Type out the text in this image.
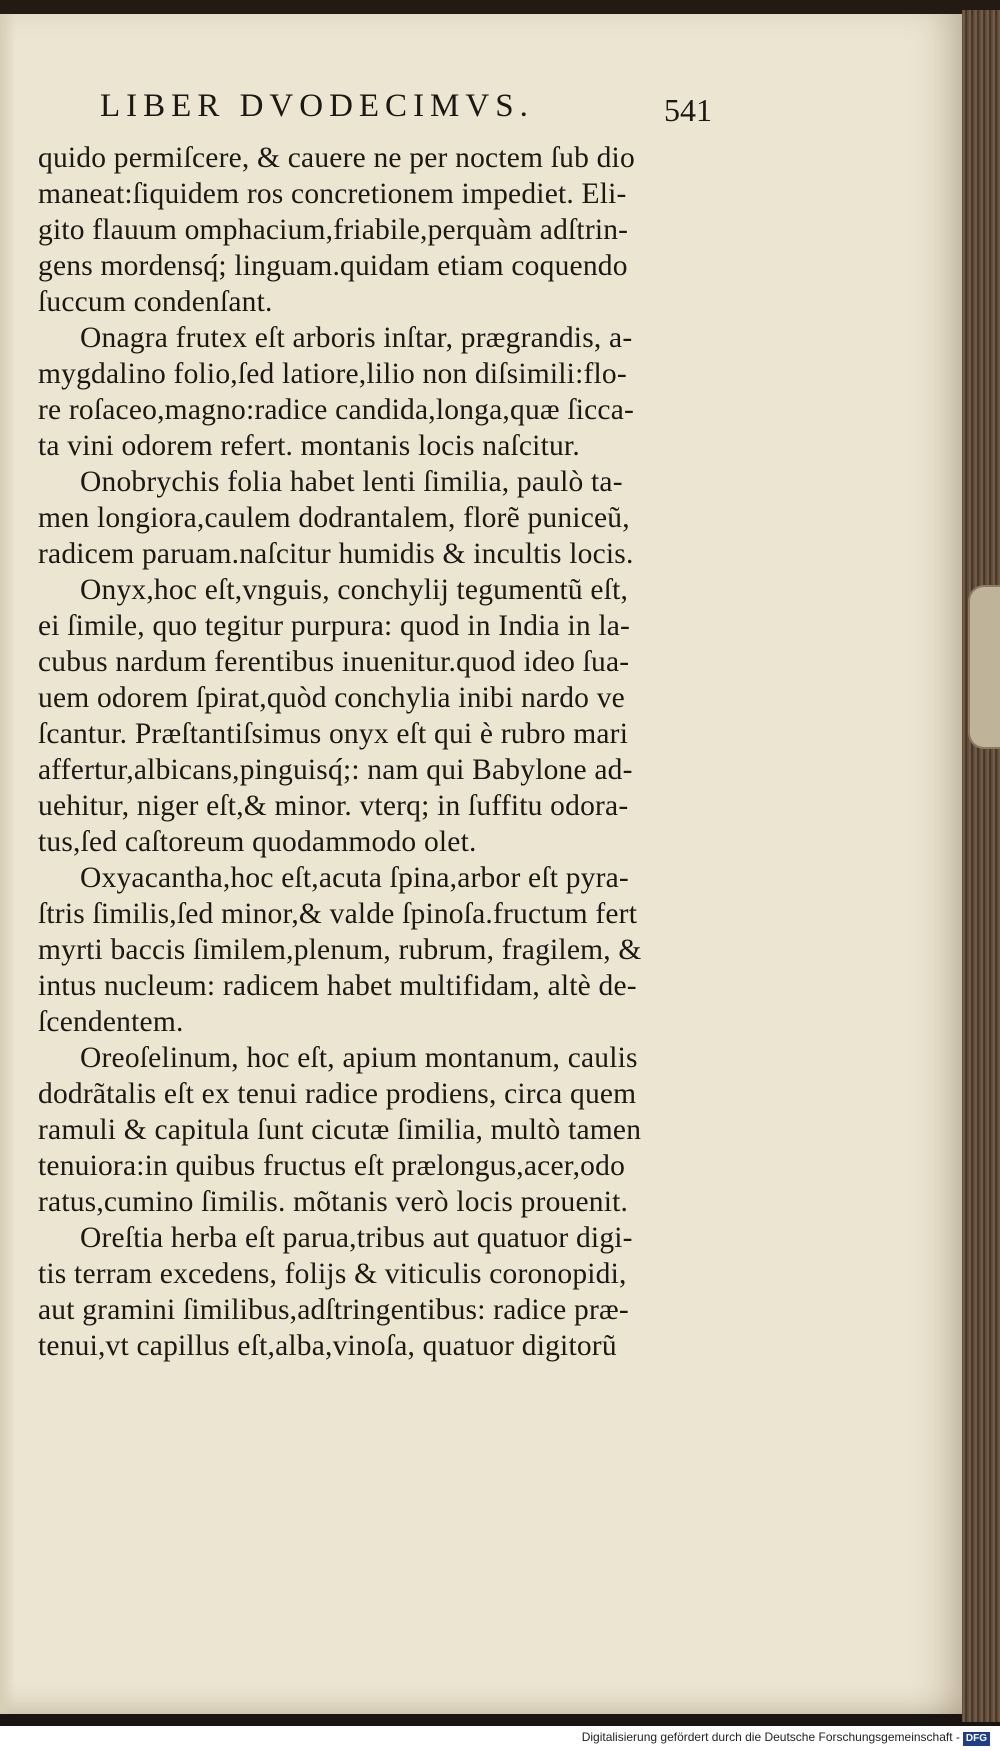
LIBER DVODECIMVS.	541
quido permiſcere, & cauere ne per noctem ſub dio
maneat:ſiquidem ros concretionem impediet. Eli-
gito flauum omphacium,friabile,perquàm adſtrin-
gens mordensq́; linguam.quidam etiam coquendo
ſuccum condenſant.
Onagra frutex eſt arboris inſtar, prægrandis, a-
mygdalino folio,ſed latiore,lilio non diſsimili:flo-
re roſaceo,magno:radice candida,longa,quæ ſicca-
ta vini odorem refert. montanis locis naſcitur.
Onobrychis folia habet lenti ſimilia, paulò ta-
men longiora,caulem dodrantalem, florẽ puniceũ,
radicem paruam.naſcitur humidis & incultis locis.
Onyx,hoc eſt,vnguis, conchylij tegumentũ eſt,
ei ſimile, quo tegitur purpura: quod in India in la-
cubus nardum ferentibus inuenitur.quod ideo ſua-
uem odorem ſpirat,quòd conchylia inibi nardo ve
ſcantur. Præſtantiſsimus onyx eſt qui è rubro mari
affertur,albicans,pinguisq́;: nam qui Babylone ad-
uehitur, niger eſt,& minor. vterq; in ſuffitu odora-
tus,ſed caſtoreum quodammodo olet.
Oxyacantha,hoc eſt,acuta ſpina,arbor eſt pyra-
ſtris ſimilis,ſed minor,& valde ſpinoſa.fructum fert
myrti baccis ſimilem,plenum, rubrum, fragilem, &
intus nucleum: radicem habet multifidam, altè de-
ſcendentem.
Oreoſelinum, hoc eſt, apium montanum, caulis
dodrãtalis eſt ex tenui radice prodiens, circa quem
ramuli & capitula ſunt cicutæ ſimilia, multò tamen
tenuiora:in quibus fructus eſt prælongus,acer,odo
ratus,cumino ſimilis. mõtanis verò locis prouenit.
Oreſtia herba eſt parua,tribus aut quatuor digi-
tis terram excedens, folijs & viticulis coronopidi,
aut gramini ſimilibus,adſtringentibus: radice præ-
tenui,vt capillus eſt,alba,vinoſa, quatuor digitorũ
Digitalisierung gefördert durch die Deutsche Forschungsgemeinschaft - DFG
